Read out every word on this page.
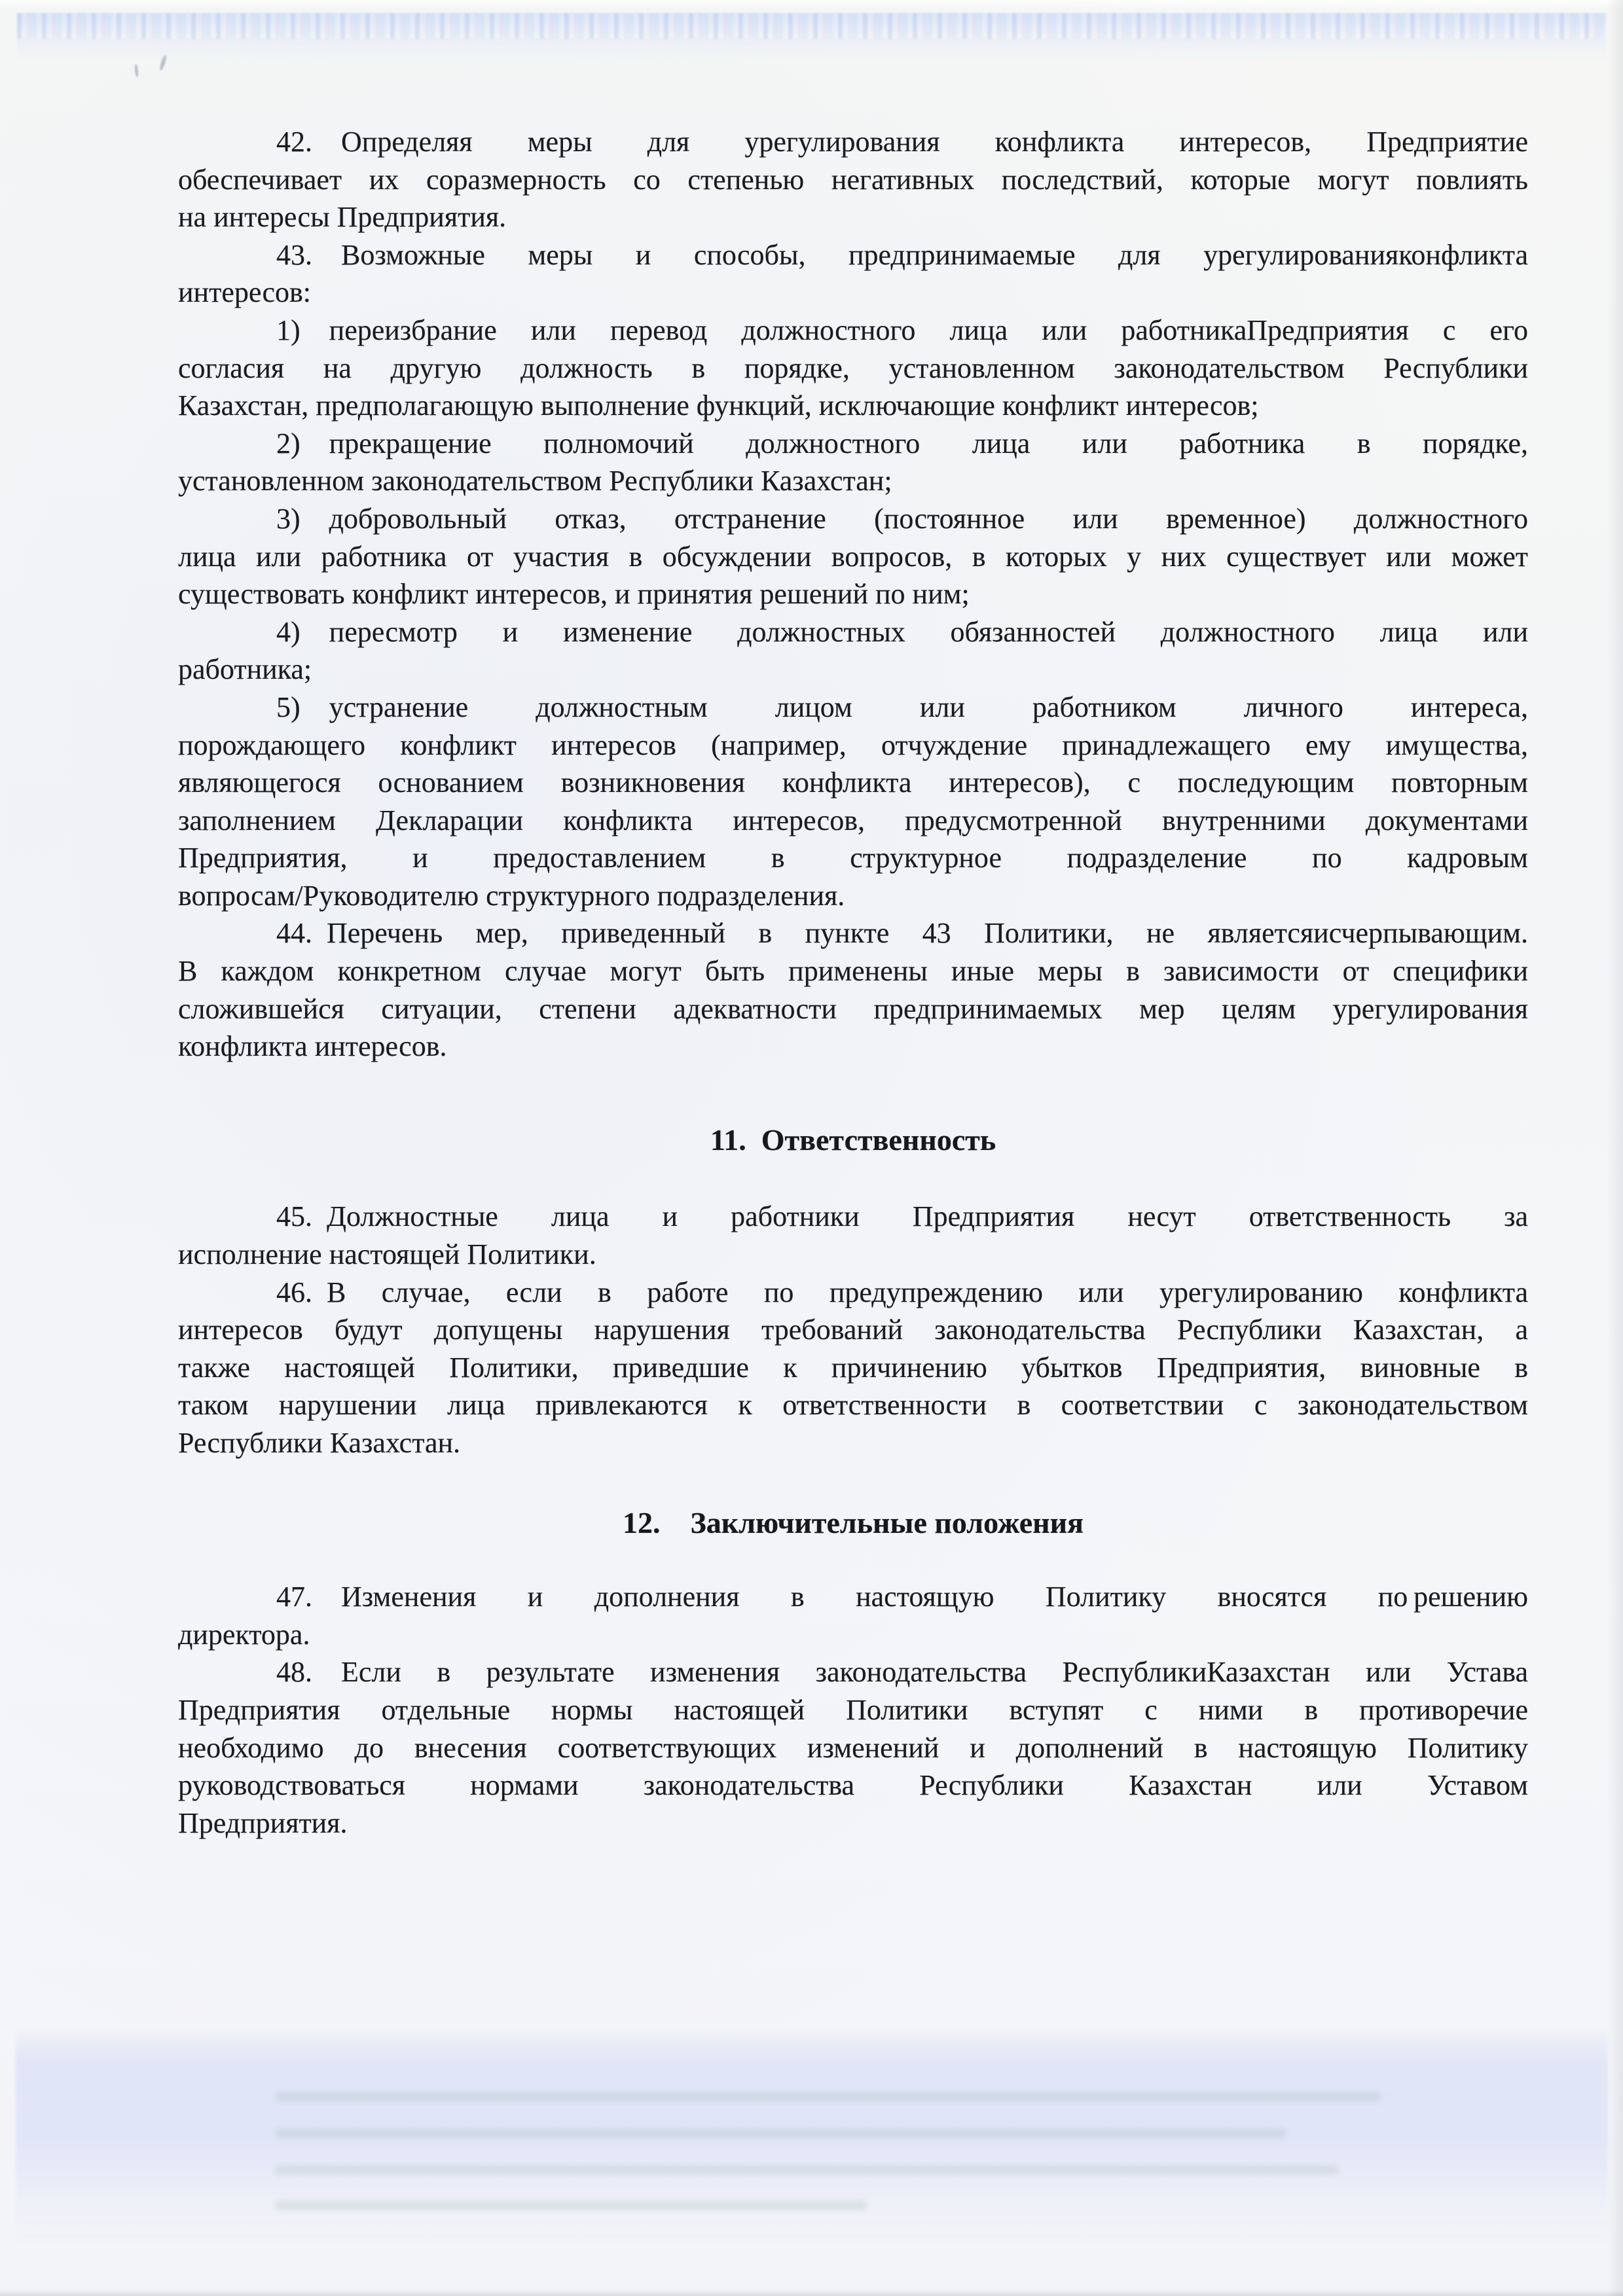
42. Определяя меры для урегулирования конфликта интересов, Предприятие
обеспечивает их соразмерность со степенью негативных последствий, которые могут повлиять
на интересы Предприятия.
43. Возможные меры и способы, предпринимаемые для урегулированияконфликта
интересов:
1) переизбрание или перевод должностного лица или работникаПредприятия с его
согласия на другую должность в порядке, установленном законодательством Республики
Казахстан, предполагающую выполнение функций, исключающие конфликт интересов;
2) прекращение полномочий должностного лица или работника в порядке,
установленном законодательством Республики Казахстан;
3) добровольный отказ, отстранение (постоянное или временное) должностного
лица или работника от участия в обсуждении вопросов, в которых у них существует или может
существовать конфликт интересов, и принятия решений по ним;
4) пересмотр и изменение должностных обязанностей должностного лица или
работника;
5) устранение должностным лицом или работником личного интереса,
порождающего конфликт интересов (например, отчуждение принадлежащего ему имущества,
являющегося основанием возникновения конфликта интересов), с последующим повторным
заполнением Декларации конфликта интересов, предусмотренной внутренними документами
Предприятия, и предоставлением в структурное подразделение по кадровым
вопросам/Руководителю структурного подразделения.
44. Перечень мер, приведенный в пункте 43 Политики, не являетсяисчерпывающим.
В каждом конкретном случае могут быть применены иные меры в зависимости от специфики
сложившейся ситуации, степени адекватности предпринимаемых мер целям урегулирования
конфликта интересов.
11. Ответственность
45. Должностные лица и работники Предприятия несут ответственность за
исполнение настоящей Политики.
46. В случае, если в работе по предупреждению или урегулированию конфликта
интересов будут допущены нарушения требований законодательства Республики Казахстан, а
также настоящей Политики, приведшие к причинению убытков Предприятия, виновные в
таком нарушении лица привлекаются к ответственности в соответствии с законодательством
Республики Казахстан.
12. Заключительные положения
47. Изменения и дополнения в настоящую Политику вносятся по решению
директора.
48. Если в результате изменения законодательства РеспубликиКазахстан или Устава
Предприятия отдельные нормы настоящей Политики вступят с ними в противоречие
необходимо до внесения соответствующих изменений и дополнений в настоящую Политику
руководствоваться нормами законодательства Республики Казахстан или Уставом
Предприятия.
